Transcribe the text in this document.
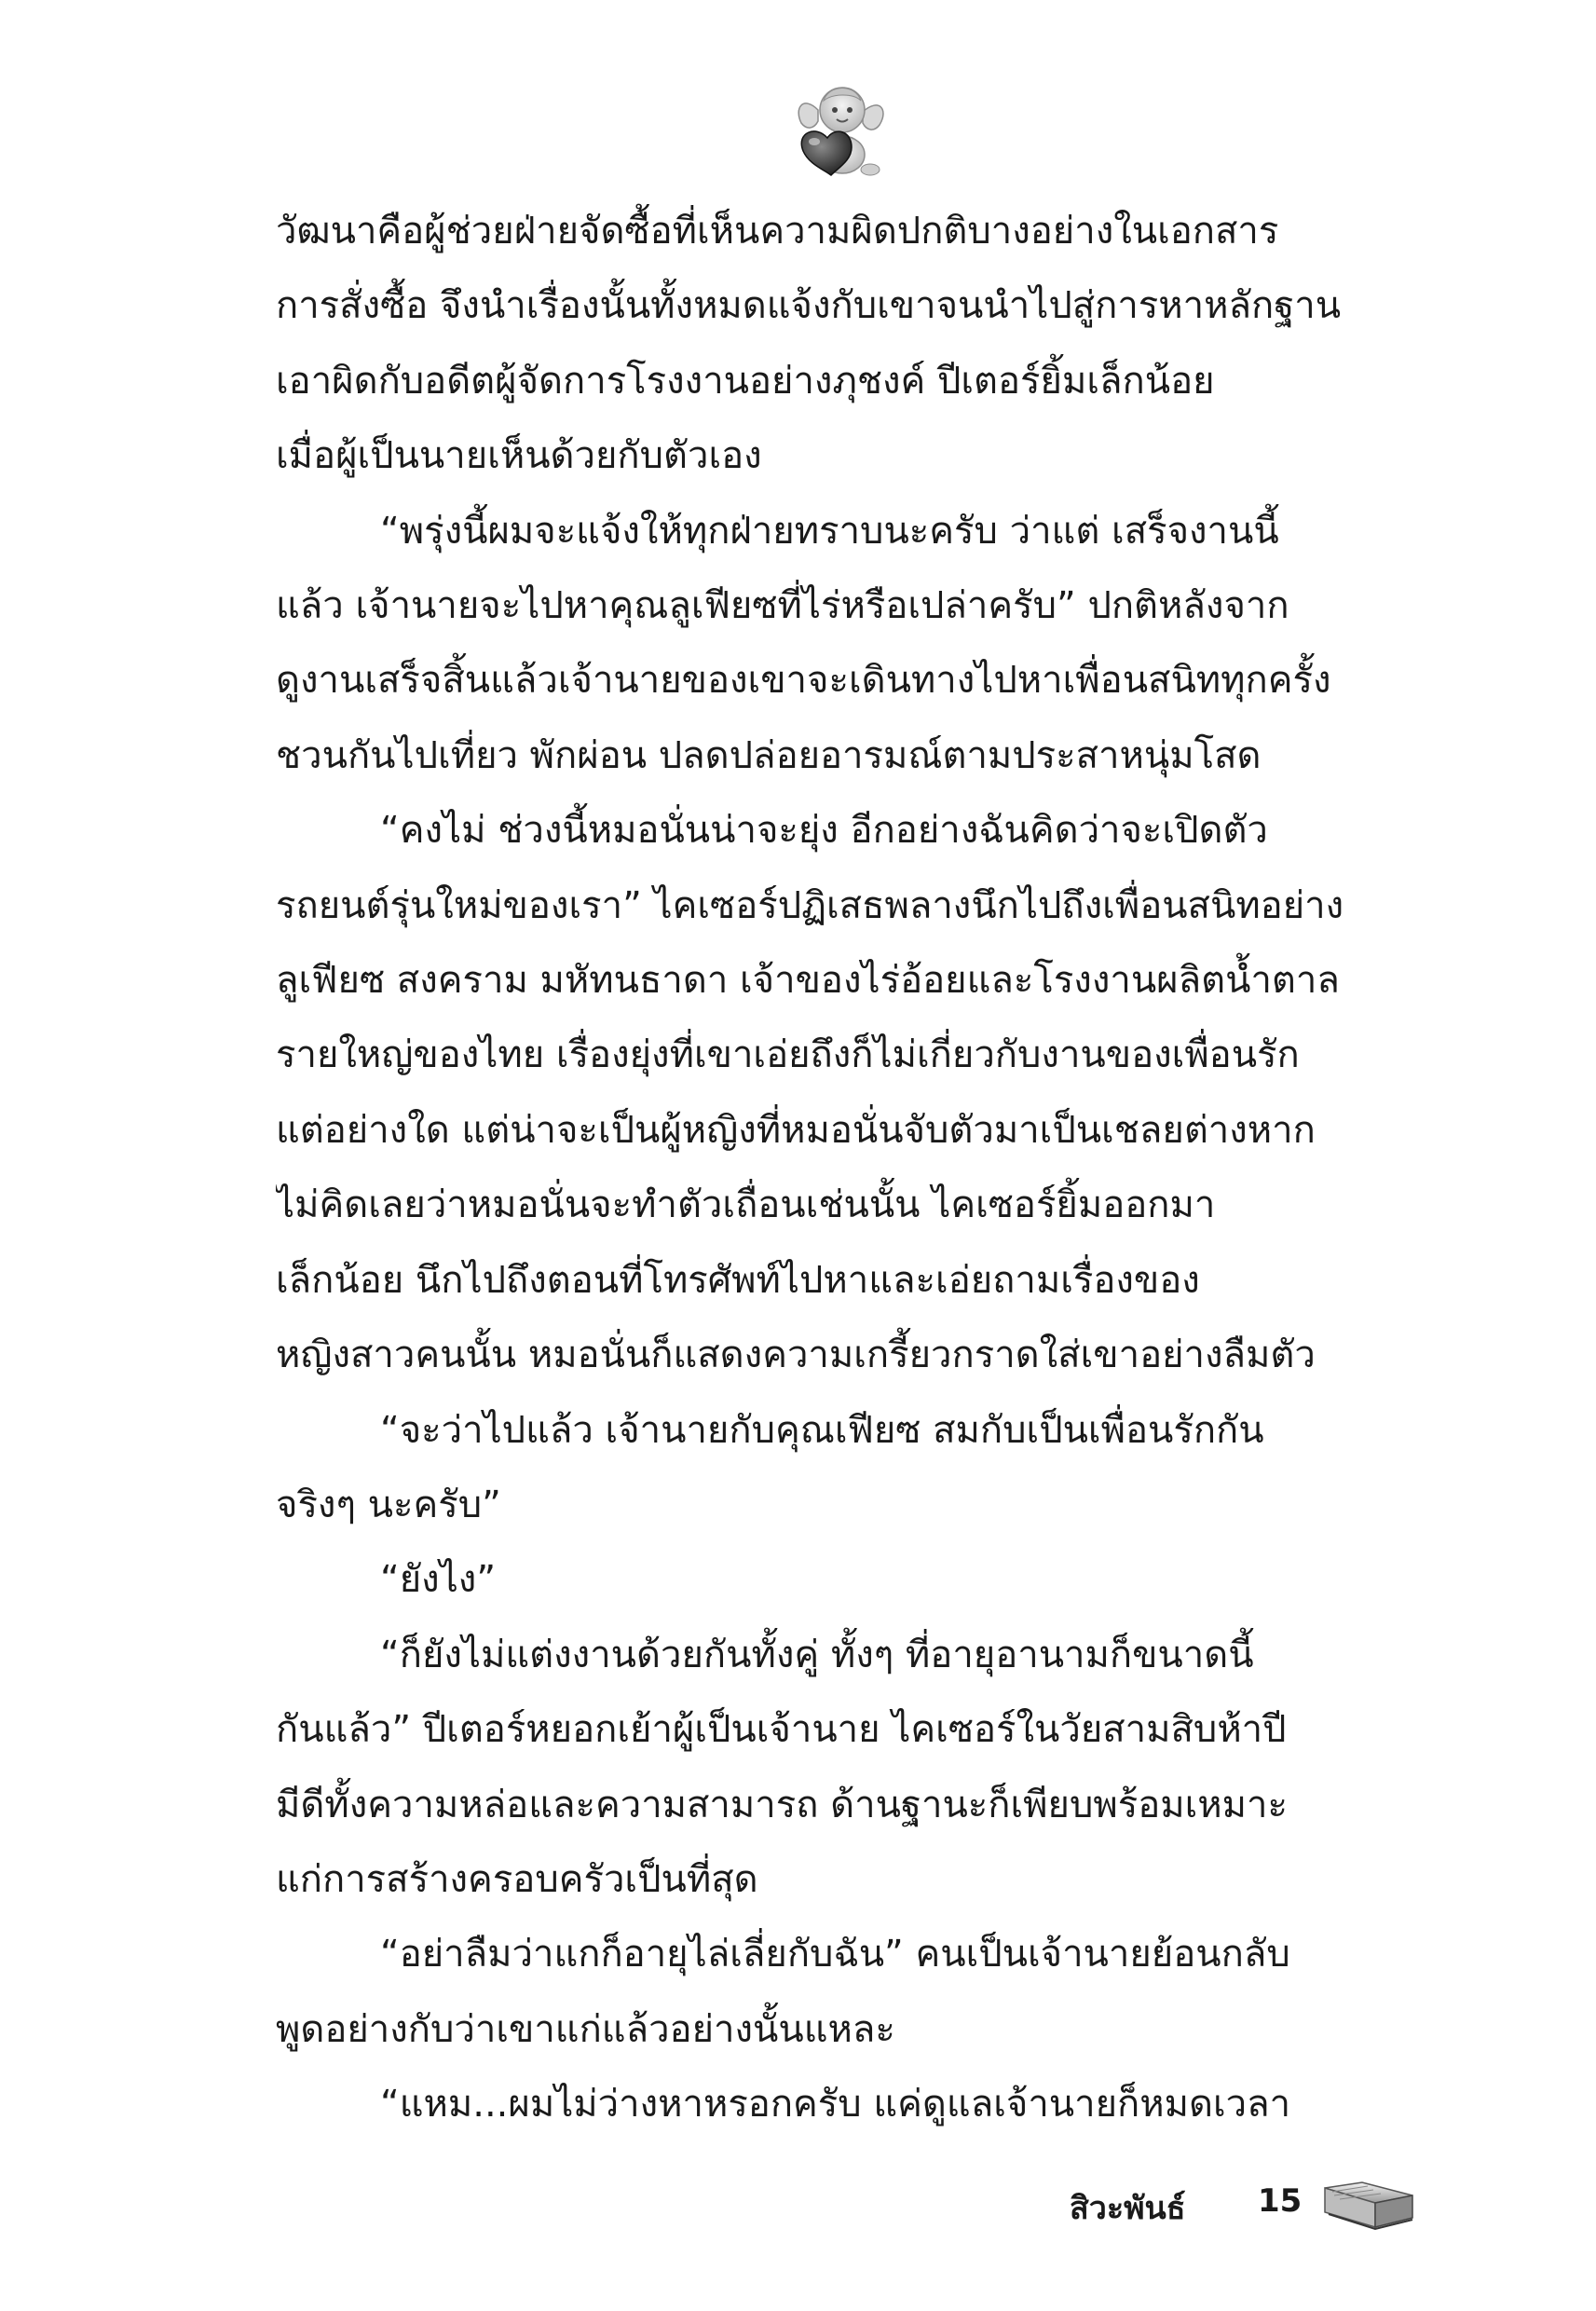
วัฒนาคือผู้ช่วยฝ่ายจัดซื้อที่เห็นความผิดปกติบางอย่างในเอกสาร
การสั่งซื้อ จึงนำเรื่องนั้นทั้งหมดแจ้งกับเขาจนนำไปสู่การหาหลักฐาน
เอาผิดกับอดีตผู้จัดการโรงงานอย่างภุชงค์ ปีเตอร์ยิ้มเล็กน้อย
เมื่อผู้เป็นนายเห็นด้วยกับตัวเอง
“พรุ่งนี้ผมจะแจ้งให้ทุกฝ่ายทราบนะครับ ว่าแต่ เสร็จงานนี้
แล้ว เจ้านายจะไปหาคุณลูเฟียซที่ไร่หรือเปล่าครับ” ปกติหลังจาก
ดูงานเสร็จสิ้นแล้วเจ้านายของเขาจะเดินทางไปหาเพื่อนสนิททุกครั้ง
ชวนกันไปเที่ยว พักผ่อน ปลดปล่อยอารมณ์ตามประสาหนุ่มโสด
“คงไม่ ช่วงนี้หมอนั่นน่าจะยุ่ง อีกอย่างฉันคิดว่าจะเปิดตัว
รถยนต์รุ่นใหม่ของเรา” ไคเซอร์ปฏิเสธพลางนึกไปถึงเพื่อนสนิทอย่าง
ลูเฟียซ สงคราม มหัทนธาดา เจ้าของไร่อ้อยและโรงงานผลิตน้ำตาล
รายใหญ่ของไทย เรื่องยุ่งที่เขาเอ่ยถึงก็ไม่เกี่ยวกับงานของเพื่อนรัก
แต่อย่างใด แต่น่าจะเป็นผู้หญิงที่หมอนั่นจับตัวมาเป็นเชลยต่างหาก
ไม่คิดเลยว่าหมอนั่นจะทำตัวเถื่อนเช่นนั้น ไคเซอร์ยิ้มออกมา
เล็กน้อย นึกไปถึงตอนที่โทรศัพท์ไปหาและเอ่ยถามเรื่องของ
หญิงสาวคนนั้น หมอนั่นก็แสดงความเกรี้ยวกราดใส่เขาอย่างลืมตัว
“จะว่าไปแล้ว เจ้านายกับคุณเฟียซ สมกับเป็นเพื่อนรักกัน
จริงๆ นะครับ”
“ยังไง”
“ก็ยังไม่แต่งงานด้วยกันทั้งคู่ ทั้งๆ ที่อายุอานามก็ขนาดนี้
กันแล้ว” ปีเตอร์หยอกเย้าผู้เป็นเจ้านาย ไคเซอร์ในวัยสามสิบห้าปี
มีดีทั้งความหล่อและความสามารถ ด้านฐานะก็เพียบพร้อมเหมาะ
แก่การสร้างครอบครัวเป็นที่สุด
“อย่าลืมว่าแกก็อายุไล่เลี่ยกับฉัน” คนเป็นเจ้านายย้อนกลับ
พูดอย่างกับว่าเขาแก่แล้วอย่างนั้นแหละ
“แหม...ผมไม่ว่างหาหรอกครับ แค่ดูแลเจ้านายก็หมดเวลา
สิวะพันธ์ 15
